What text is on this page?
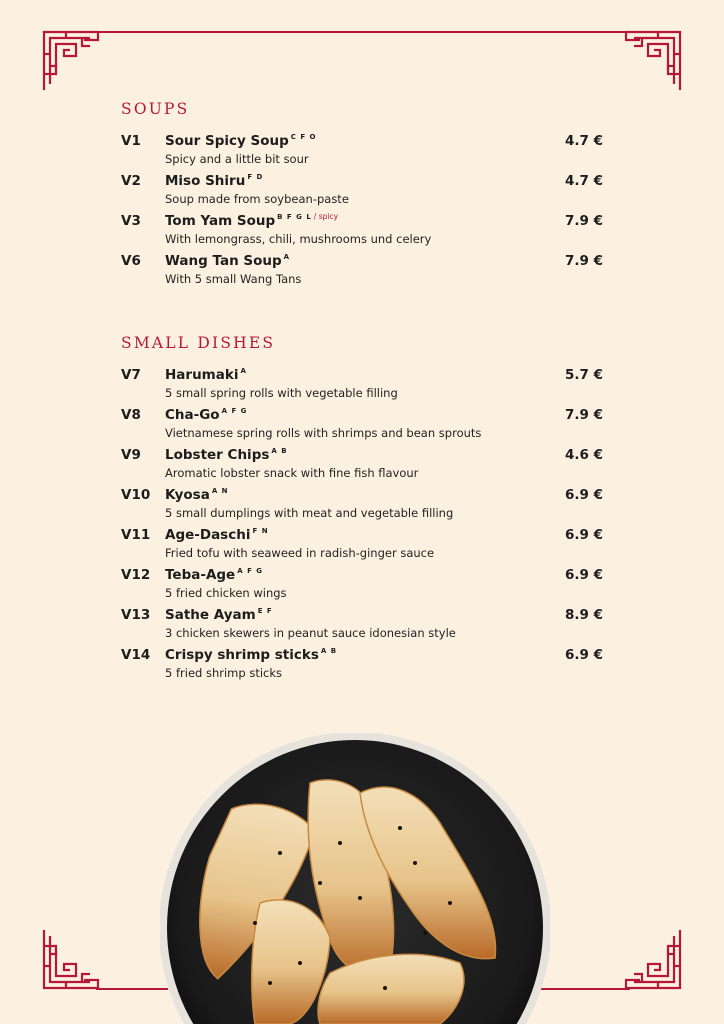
SOUPS
V1 Sour Spicy Soup $^{C F O}$
Spicy and a little bit sour
4.7 €
V2 Miso Shiru $^{F D}$
Soup made from soybean-paste
4.7 €
V3 Tom Yam Soup $^{B F G L}$ $^{/ spicy}$
With lemongrass, chili, mushrooms und celery
7.9 €
V6 Wang Tan Soup $^A$
With 5 small Wang Tans
7.9 €
SMALL DISHES
V7 Harumaki $^A$
5 small spring rolls with vegetable filling
5.7 €
V8 Cha-Go $^{A F G}$
Vietnamese spring rolls with shrimps and bean sprouts
7.9 €
V9 Lobster Chips $^{A B}$
Aromatic lobster snack with fine fish flavour
4.6 €
V10 Kyosa $^{A N}$
5 small dumplings with meat and vegetable filling
6.9 €
V11 Age-Daschi $^{F N}$
Fried tofu with seaweed in radish-ginger sauce
6.9 €
V12 Teba-Age $^{A F G}$
5 fried chicken wings
6.9 €
V13 Sathe Ayam $^{E F}$
3 chicken skewers in peanut sauce idonesian style
8.9 €
V14 Crispy shrimp sticks $^{A B}$
5 fried shrimp sticks
6.9 €
